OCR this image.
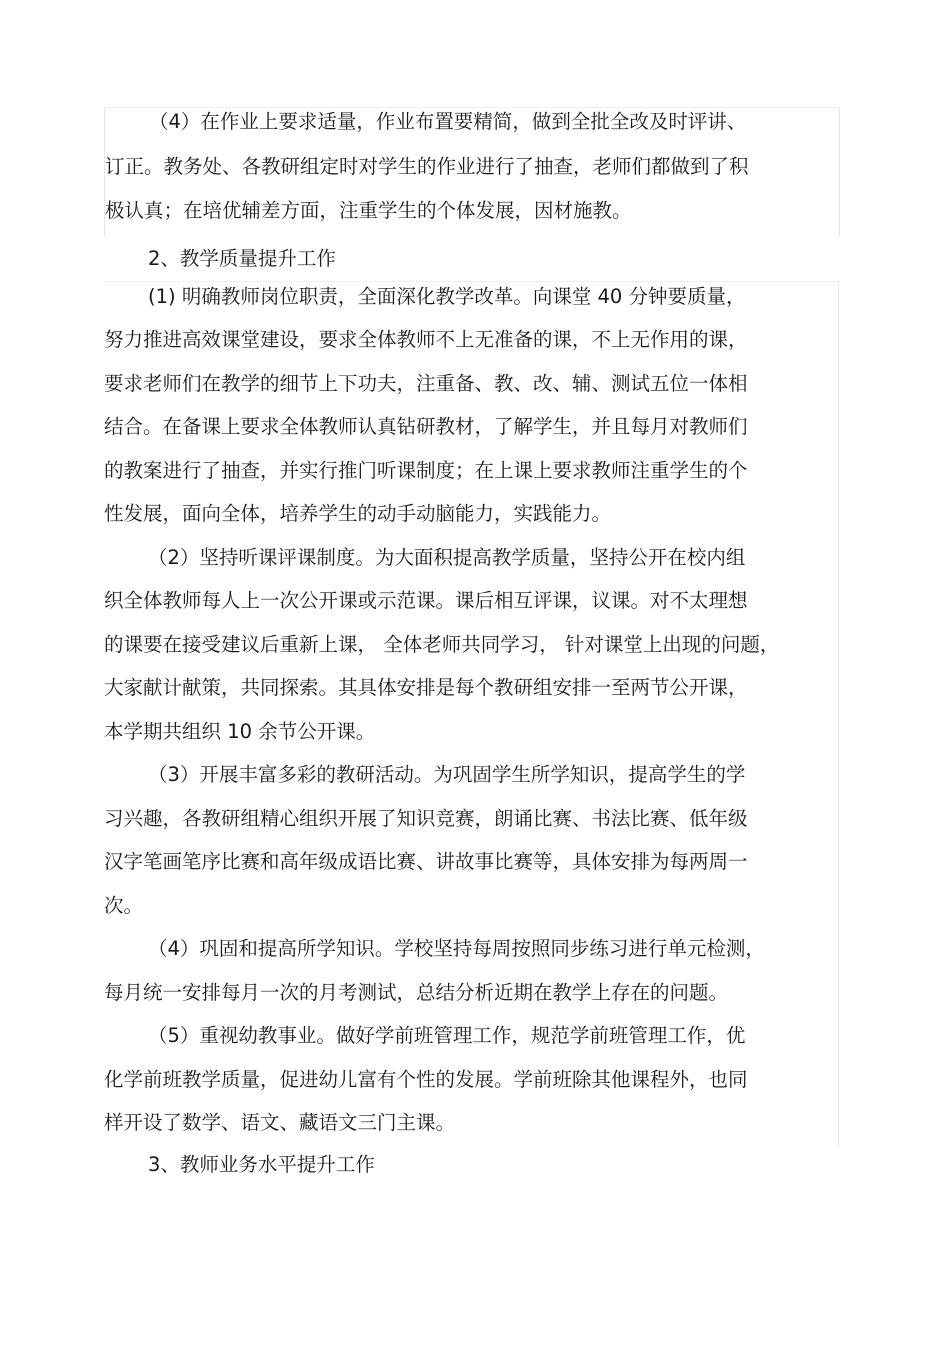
（4）在作业上要求适量，作业布置要精简，做到全批全改及时评讲、
订正。教务处、各教研组定时对学生的作业进行了抽查，老师们都做到了积
极认真；在培优辅差方面，注重学生的个体发展，因材施教。
2、教学质量提升工作
(1) 明确教师岗位职责，全面深化教学改革。向课堂 40 分钟要质量，
努力推进高效课堂建设，要求全体教师不上无准备的课，不上无作用的课，
要求老师们在教学的细节上下功夫，注重备、教、改、辅、测试五位一体相
结合。在备课上要求全体教师认真钻研教材，了解学生，并且每月对教师们
的教案进行了抽查，并实行推门听课制度；在上课上要求教师注重学生的个
性发展，面向全体，培养学生的动手动脑能力，实践能力。
（2）坚持听课评课制度。为大面积提高教学质量，坚持公开在校内组
织全体教师每人上一次公开课或示范课。课后相互评课，议课。对不太理想
的课要在接受建议后重新上课， 全体老师共同学习， 针对课堂上出现的问题，
大家献计献策，共同探索。其具体安排是每个教研组安排一至两节公开课，
本学期共组织 10 余节公开课。
（3）开展丰富多彩的教研活动。为巩固学生所学知识，提高学生的学
习兴趣，各教研组精心组织开展了知识竞赛，朗诵比赛、书法比赛、低年级
汉字笔画笔序比赛和高年级成语比赛、讲故事比赛等，具体安排为每两周一
次。
（4）巩固和提高所学知识。学校坚持每周按照同步练习进行单元检测，
每月统一安排每月一次的月考测试，总结分析近期在教学上存在的问题。
（5）重视幼教事业。做好学前班管理工作，规范学前班管理工作，优
化学前班教学质量，促进幼儿富有个性的发展。学前班除其他课程外，也同
样开设了数学、语文、藏语文三门主课。
3、教师业务水平提升工作
